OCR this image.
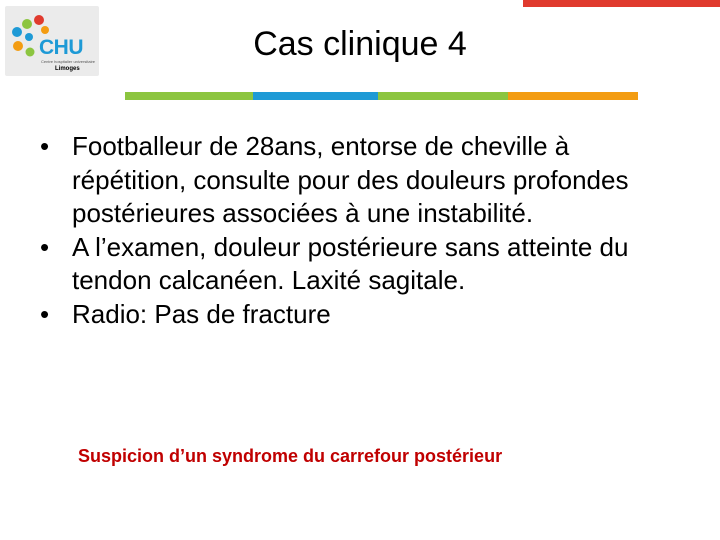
CHU
Centre hospitalier universitaire
Limoges
Cas clinique 4
• Footballeur de 28ans, entorse de cheville à répétition, consulte pour des douleurs profondes postérieures associées à une instabilité.
• A l’examen, douleur postérieure sans atteinte du tendon calcanéen. Laxité sagitale.
• Radio: Pas de fracture
Suspicion d’un syndrome du carrefour postérieur
